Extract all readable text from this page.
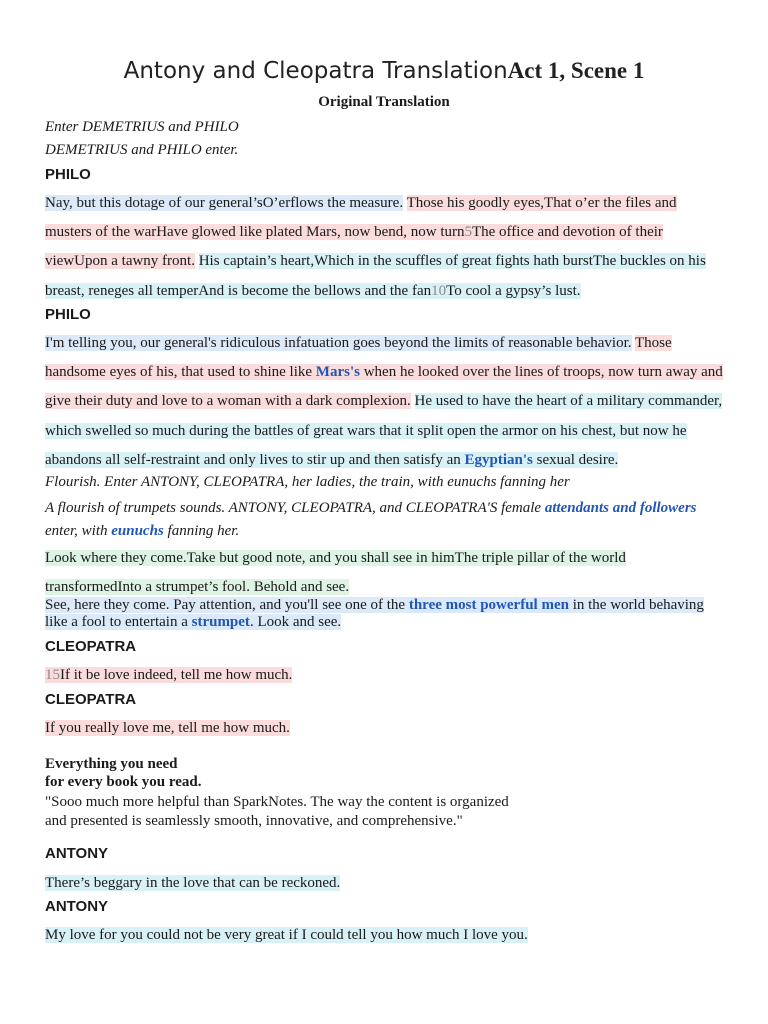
Antony and Cleopatra TranslationAct 1, Scene 1
Original Translation
Enter DEMETRIUS and PHILO
DEMETRIUS and PHILO enter.
PHILO
Nay, but this dotage of our general’sO’erflows the measure. Those his goodly eyes,That o’er the files and musters of the warHave glowed like plated Mars, now bend, now turn5The office and devotion of their viewUpon a tawny front. His captain’s heart,Which in the scuffles of great fights hath burstThe buckles on his breast, reneges all temperAnd is become the bellows and the fan10To cool a gypsy’s lust.
PHILO
I'm telling you, our general's ridiculous infatuation goes beyond the limits of reasonable behavior. Those handsome eyes of his, that used to shine like Mars's when he looked over the lines of troops, now turn away and give their duty and love to a woman with a dark complexion. He used to have the heart of a military commander, which swelled so much during the battles of great wars that it split open the armor on his chest, but now he abandons all self-restraint and only lives to stir up and then satisfy an Egyptian's sexual desire.
Flourish. Enter ANTONY, CLEOPATRA, her ladies, the train, with eunuchs fanning her
A flourish of trumpets sounds. ANTONY, CLEOPATRA, and CLEOPATRA'S female attendants and followers enter, with eunuchs fanning her.
Look where they come.Take but good note, and you shall see in himThe triple pillar of the world transformedInto a strumpet’s fool. Behold and see.
See, here they come. Pay attention, and you'll see one of the three most powerful men in the world behaving like a fool to entertain a strumpet. Look and see.
CLEOPATRA
15If it be love indeed, tell me how much.
CLEOPATRA
If you really love me, tell me how much.
Everything you need
for every book you read.
"Sooo much more helpful than SparkNotes. The way the content is organized
and presented is seamlessly smooth, innovative, and comprehensive."
ANTONY
There’s beggary in the love that can be reckoned.
ANTONY
My love for you could not be very great if I could tell you how much I love you.
